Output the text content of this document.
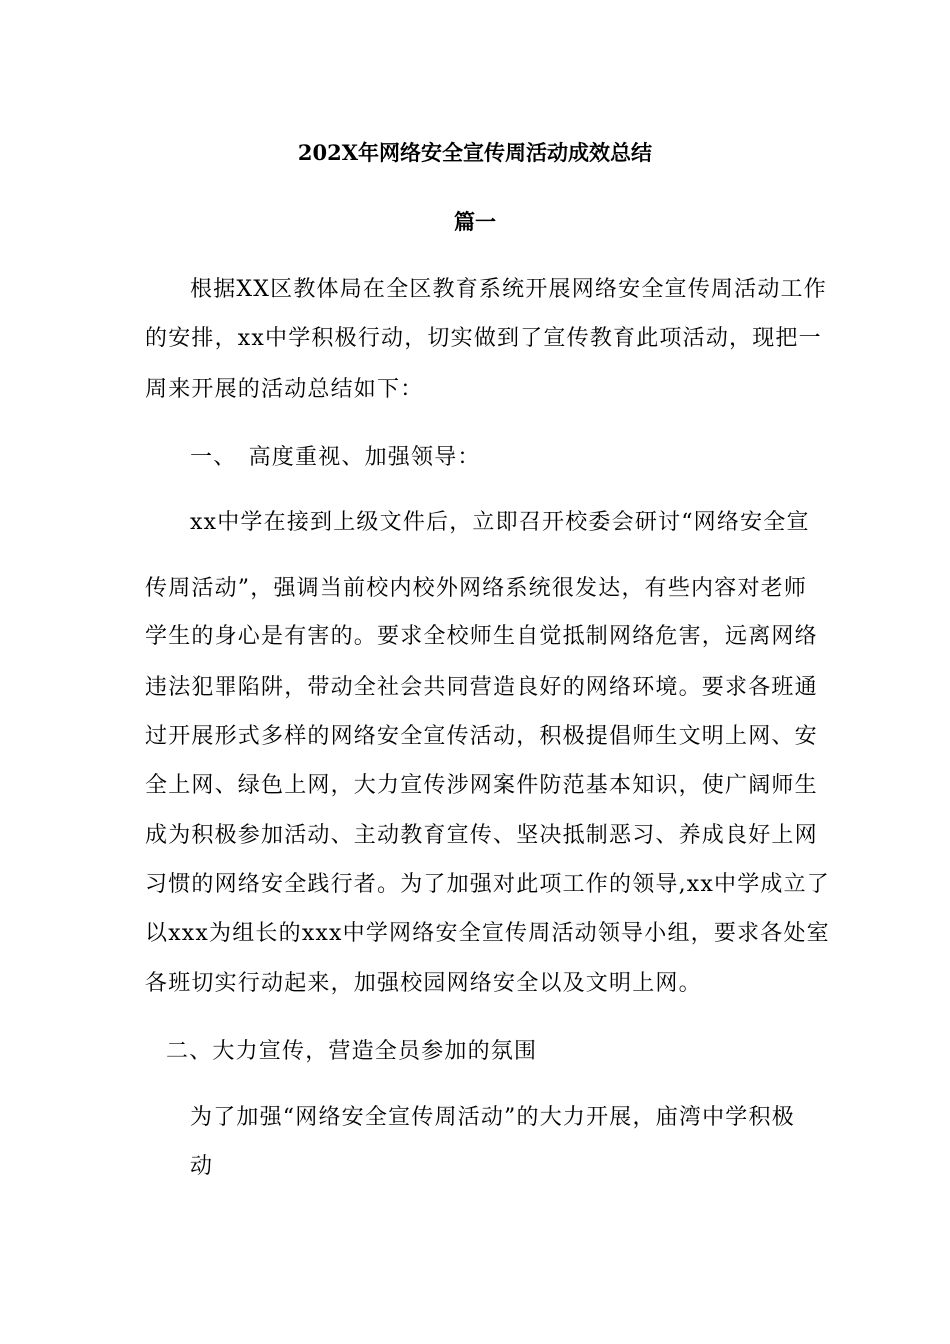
202X年网络安全宣传周活动成效总结
篇一

根据XX区教体局在全区教育系统开展网络安全宣传周活动工作

的安排，xx中学积极行动，切实做到了宣传教育此项活动，现把一

周来开展的活动总结如下：

一、　高度重视、加强领导：

xx中学在接到上级文件后，立即召开校委会研讨“网络安全宣

传周活动”，强调当前校内校外网络系统很发达，有些内容对老师

学生的身心是有害的。要求全校师生自觉抵制网络危害，远离网络

违法犯罪陷阱，带动全社会共同营造良好的网络环境。要求各班通

过开展形式多样的网络安全宣传活动，积极提倡师生文明上网、安

全上网、绿色上网，大力宣传涉网案件防范基本知识，使广阔师生

成为积极参加活动、主动教育宣传、坚决抵制恶习、养成良好上网

习惯的网络安全践行者。为了加强对此项工作的领导,xx中学成立了

以xxx为组长的xxx中学网络安全宣传周活动领导小组，要求各处室

各班切实行动起来，加强校园网络安全以及文明上网。

二、大力宣传，营造全员参加的氛围

为了加强“网络安全宣传周活动”的大力开展，庙湾中学积极

动
